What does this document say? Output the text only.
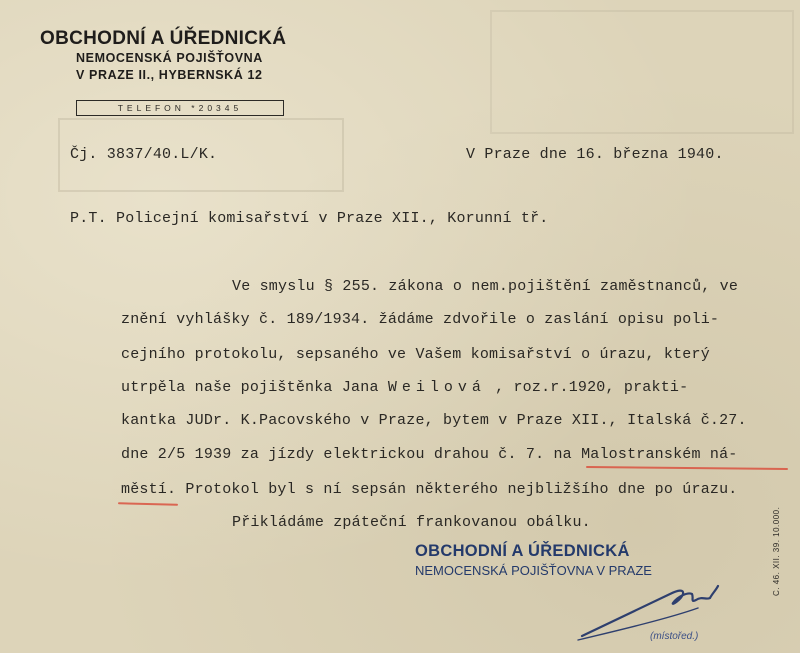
OBCHODNÍ A ÚŘEDNICKÁ
NEMOCENSKÁ POJIŠŤOVNA
V PRAZE II., HYBERNSKÁ 12
TELEFON *20345
Čj. 3837/40.L/K.	V Praze dne 16. března 1940.
P.T. Policejní komisařství v Praze XII., Korunní tř.
Ve smyslu § 255. zákona o nem.pojištění zaměstnanců, ve
znění vyhlášky č. 189/1934. žádáme zdvořile o zaslání opisu poli-
cejního protokolu, sepsaného ve Vašem komisařství o úrazu, který
utrpěla naše pojištěnka Jana Weilová , roz.r.1920, prakti-
kantka JUDr. K.Pacovského v Praze, bytem v Praze XII., Italská č.27.
dne 2/5 1939 za jízdy elektrickou drahou č. 7. na Malostranském ná-
městí. Protokol byl s ní sepsán některého nejbližšího dne po úrazu.
Přikládáme zpáteční frankovanou obálku.
OBCHODNÍ A ÚŘEDNICKÁ
NEMOCENSKÁ POJIŠŤOVNA V PRAZE
(místořed.)
C. 46. XII. 39. 10.000.
